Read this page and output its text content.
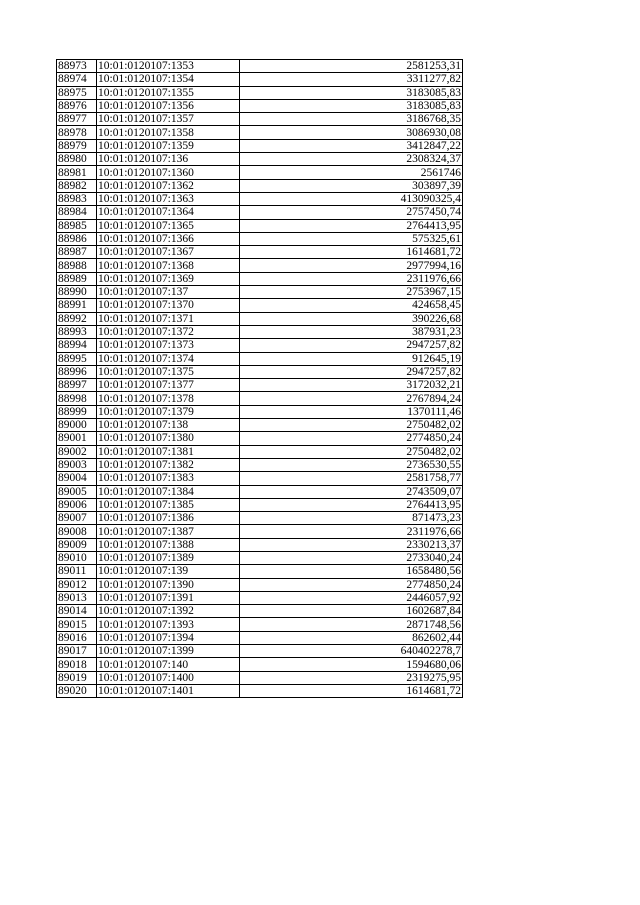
88973	10:01:0120107:1353	2581253,31
88974	10:01:0120107:1354	3311277,82
88975	10:01:0120107:1355	3183085,83
88976	10:01:0120107:1356	3183085,83
88977	10:01:0120107:1357	3186768,35
88978	10:01:0120107:1358	3086930,08
88979	10:01:0120107:1359	3412847,22
88980	10:01:0120107:136	2308324,37
88981	10:01:0120107:1360	2561746
88982	10:01:0120107:1362	303897,39
88983	10:01:0120107:1363	413090325,4
88984	10:01:0120107:1364	2757450,74
88985	10:01:0120107:1365	2764413,95
88986	10:01:0120107:1366	575325,61
88987	10:01:0120107:1367	1614681,72
88988	10:01:0120107:1368	2977994,16
88989	10:01:0120107:1369	2311976,66
88990	10:01:0120107:137	2753967,15
88991	10:01:0120107:1370	424658,45
88992	10:01:0120107:1371	390226,68
88993	10:01:0120107:1372	387931,23
88994	10:01:0120107:1373	2947257,82
88995	10:01:0120107:1374	912645,19
88996	10:01:0120107:1375	2947257,82
88997	10:01:0120107:1377	3172032,21
88998	10:01:0120107:1378	2767894,24
88999	10:01:0120107:1379	1370111,46
89000	10:01:0120107:138	2750482,02
89001	10:01:0120107:1380	2774850,24
89002	10:01:0120107:1381	2750482,02
89003	10:01:0120107:1382	2736530,55
89004	10:01:0120107:1383	2581758,77
89005	10:01:0120107:1384	2743509,07
89006	10:01:0120107:1385	2764413,95
89007	10:01:0120107:1386	871473,23
89008	10:01:0120107:1387	2311976,66
89009	10:01:0120107:1388	2330213,37
89010	10:01:0120107:1389	2733040,24
89011	10:01:0120107:139	1658480,56
89012	10:01:0120107:1390	2774850,24
89013	10:01:0120107:1391	2446057,92
89014	10:01:0120107:1392	1602687,84
89015	10:01:0120107:1393	2871748,56
89016	10:01:0120107:1394	862602,44
89017	10:01:0120107:1399	640402278,7
89018	10:01:0120107:140	1594680,06
89019	10:01:0120107:1400	2319275,95
89020	10:01:0120107:1401	1614681,72
